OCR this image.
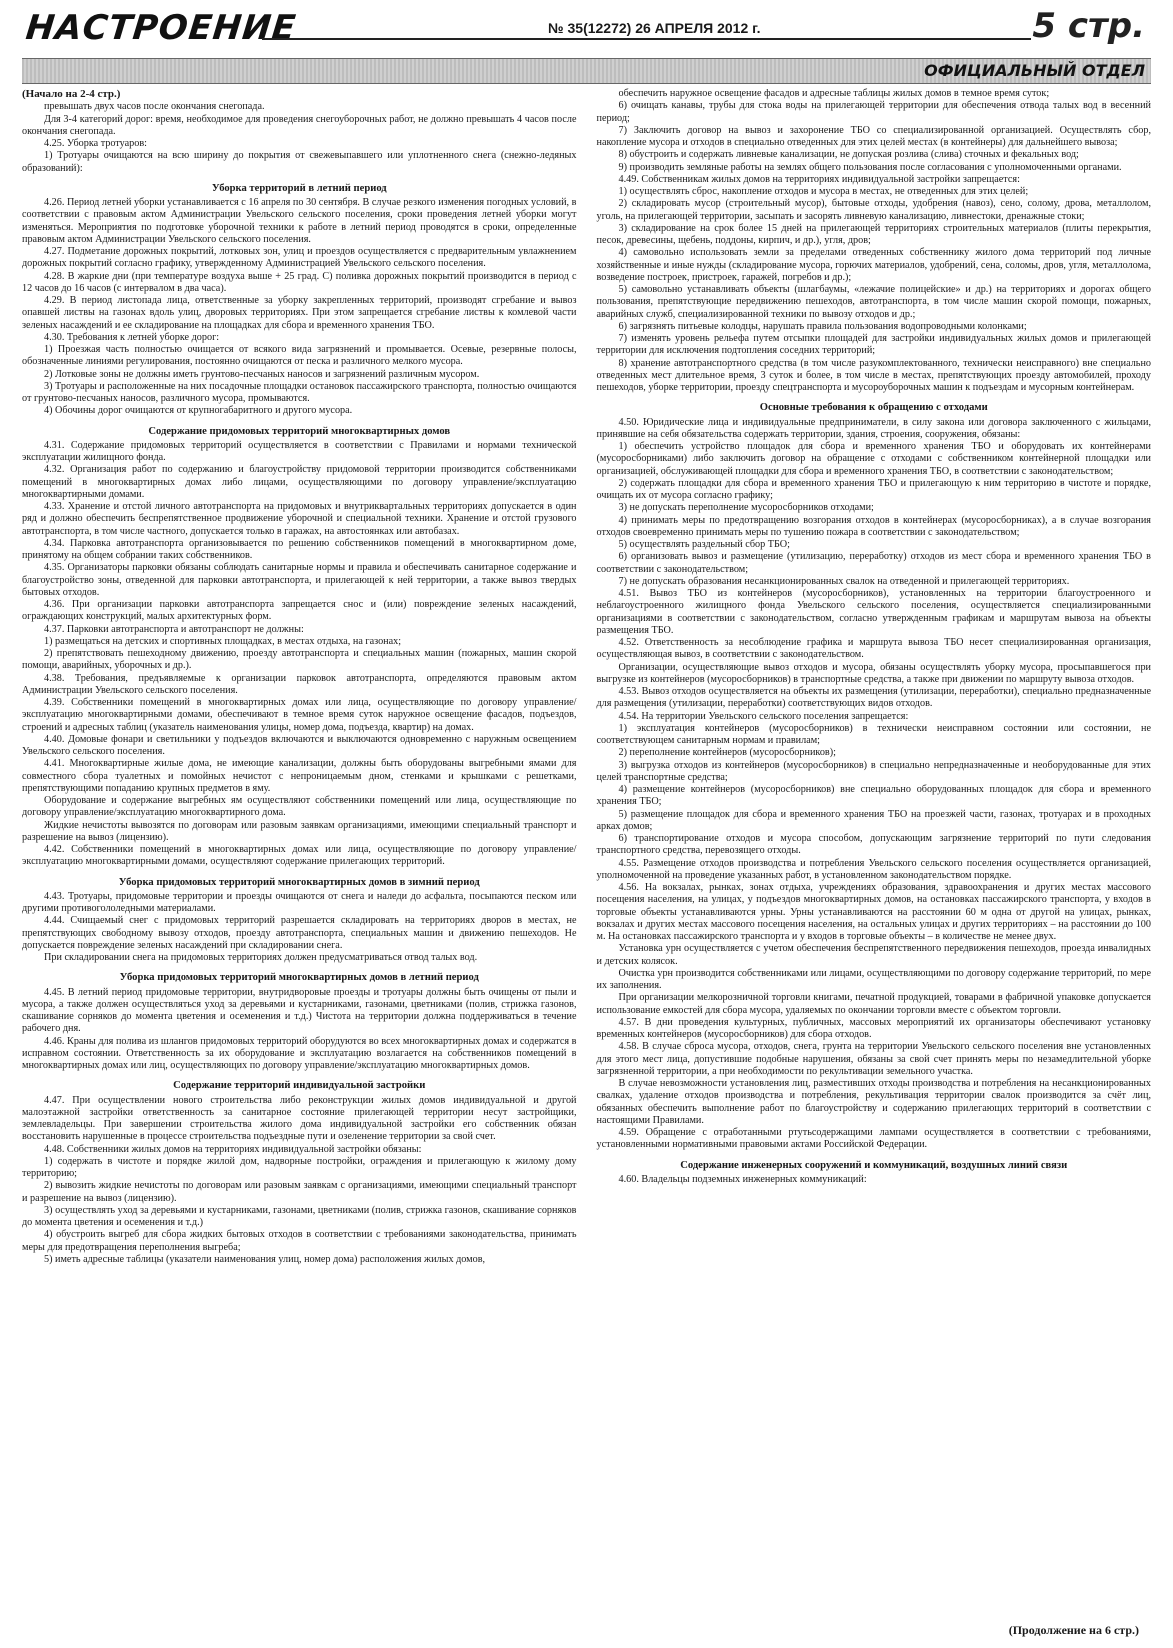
НАСТРОЕНИЕ	№ 35(12272) 26 АПРЕЛЯ 2012 г.	5 стр.
ОФИЦИАЛЬНЫЙ ОТДЕЛ

(Начало на 2-4 стр.)

превышать двух часов после окончания снегопада.

Для 3-4 категорий дорог: время, необходимое для проведения снегоуборочных работ, не должно превышать 4 часов после окончания снегопада.

4.25. Уборка тротуаров:

1) Тротуары очищаются на всю ширину до покрытия от свежевыпавшего или уплотненного снега (снежно-ледяных образований):

Уборка территорий в летний период

4.26. Период летней уборки устанавливается с 16 апреля по 30 сентября. В случае резкого изменения погодных условий, в соответствии с правовым актом Администрации Увельского сельского поселения, сроки проведения летней уборки могут изменяться. Мероприятия по подготовке уборочной техники к работе в летний период проводятся в сроки, определенные правовым актом Администрации Увельского сельского поселения.

4.27. Подметание дорожных покрытий, лотковых зон, улиц и проездов осуществляется с предварительным увлажнением дорожных покрытий согласно графику, утвержденному Администрацией Увельского сельского поселения.

4.28. В жаркие дни (при температуре воздуха выше + 25 град. С) поливка дорожных покрытий производится в период с 12 часов до 16 часов (с интервалом в два часа).

4.29. В период листопада лица, ответственные за уборку закрепленных территорий, производят сгребание и вывоз опавшей листвы на газонах вдоль улиц, дворовых территориях. При этом запрещается сгребание листвы к комлевой части зеленых насаждений и ее складирование на площадках для сбора и временного хранения ТБО.

4.30. Требования к летней уборке дорог:

1) Проезжая часть полностью очищается от всякого вида загрязнений и промывается. Осевые, резервные полосы, обозначенные линиями регулирования, постоянно очищаются от песка и различного мелкого мусора.

2) Лотковые зоны не должны иметь грунтово-песчаных наносов и загрязнений различным мусором.

3) Тротуары и расположенные на них посадочные площадки остановок пассажирского транспорта, полностью очищаются от грунтово-песчаных наносов, различного мусора, промываются.

4) Обочины дорог очищаются от крупногабаритного и другого мусора.

Содержание придомовых территорий многоквартирных домов

4.31. Содержание придомовых территорий осуществляется в соответствии с Правилами и нормами технической эксплуатации жилищного фонда.

4.32. Организация работ по содержанию и благоустройству придомовой территории производится собственниками помещений в многоквартирных домах либо лицами, осуществляющими по договору управление/эксплуатацию многоквартирными домами.

4.33. Хранение и отстой личного автотранспорта на придомовых и внутриквартальных территориях допускается в один ряд и должно обеспечить беспрепятственное продвижение уборочной и специальной техники. Хранение и отстой грузового автотранспорта, в том числе частного, допускается только в гаражах, на автостоянках или автобазах.

4.34. Парковка автотранспорта организовывается по решению собственников помещений в многоквартирном доме, принятому на общем собрании таких собственников.

4.35. Организаторы парковки обязаны соблюдать санитарные нормы и правила и обеспечивать санитарное содержание и благоустройство зоны, отведенной для парковки автотранспорта, и прилегающей к ней территории, а также вывоз твердых бытовых отходов.

4.36. При организации парковки автотранспорта запрещается снос и (или) повреждение зеленых насаждений, ограждающих конструкций, малых архитектурных форм.

4.37. Парковки автотранспорта и автотранспорт не должны:

1) размещаться на детских и спортивных площадках, в местах отдыха, на газонах;

2) препятствовать пешеходному движению, проезду автотранспорта и специальных машин (пожарных, машин скорой помощи, аварийных, уборочных и др.).

4.38. Требования, предъявляемые к организации парковок автотранспорта, определяются правовым актом Администрации Увельского сельского поселения.

4.39. Собственники помещений в многоквартирных домах или лица, осуществляющие по договору управление/эксплуатацию многоквартирными домами, обеспечивают в темное время суток наружное освещение фасадов, подъездов, строений и адресных таблиц (указатель наименования улицы, номер дома, подъезда, квартир) на домах.

4.40. Домовые фонари и светильники у подъездов включаются и выключаются одновременно с наружным освещением Увельского сельского поселения.

4.41. Многоквартирные жилые дома, не имеющие канализации, должны быть оборудованы выгребными ямами для совместного сбора туалетных и помойных нечистот с непроницаемым дном, стенками и крышками с решетками, препятствующими попаданию крупных предметов в яму.

Оборудование и содержание выгребных ям осуществляют собственники помещений или лица, осуществляющие по договору управление/эксплуатацию многоквартирного дома.

Жидкие нечистоты вывозятся по договорам или разовым заявкам организациями, имеющими специальный транспорт и разрешение на вывоз (лицензию).

4.42. Собственники помещений в многоквартирных домах или лица, осуществляющие по договору управление/эксплуатацию многоквартирными домами, осуществляют содержание прилегающих территорий.

Уборка придомовых территорий многоквартирных домов в зимний период

4.43. Тротуары, придомовые территории и проезды очищаются от снега и наледи до асфальта, посыпаются песком или другими противогололедными материалами.

4.44. Счищаемый снег с придомовых территорий разрешается складировать на территориях дворов в местах, не препятствующих свободному вывозу отходов, проезду автотранспорта, специальных машин и движению пешеходов. Не допускается повреждение зеленых насаждений при складировании снега.

При складировании снега на придомовых территориях должен предусматриваться отвод талых вод.

Уборка придомовых территорий многоквартирных домов в летний период

4.45. В летний период придомовые территории, внутридворовые проезды и тротуары должны быть очищены от пыли и мусора, а также должен осуществляться уход за деревьями и кустарниками, газонами, цветниками (полив, стрижка газонов, скашивание сорняков до момента цветения и осеменения и т.д.) Чистота на территории должна поддерживаться в течение рабочего дня.

4.46. Краны для полива из шлангов придомовых территорий оборудуются во всех многоквартирных домах и содержатся в исправном состоянии. Ответственность за их оборудование и эксплуатацию возлагается на собственников помещений в многоквартирных домах или лиц, осуществляющих по договору управление/эксплуатацию многоквартирных домов.

Содержание территорий индивидуальной застройки

4.47. При осуществлении нового строительства либо реконструкции жилых домов индивидуальной и другой малоэтажной застройки ответственность за санитарное состояние прилегающей территории несут застройщики, землевладельцы. При завершении строительства жилого дома индивидуальной застройки его собственник обязан восстановить нарушенные в процессе строительства подъездные пути и озеленение территории за свой счет.

4.48. Собственники жилых домов на территориях индивидуальной застройки обязаны:

1) содержать в чистоте и порядке жилой дом, надворные постройки, ограждения и прилегающую к жилому дому территорию;

2) вывозить жидкие нечистоты по договорам или разовым заявкам с организациями, имеющими специальный транспорт и разрешение на вывоз (лицензию).

3) осуществлять уход за деревьями и кустарниками, газонами, цветниками (полив, стрижка газонов, скашивание сорняков до момента цветения и осеменения и т.д.)

4) обустроить выгреб для сбора жидких бытовых отходов в соответствии с требованиями законодательства, принимать меры для предотвращения переполнения выгреба;

5) иметь адресные таблицы (указатели наименования улиц, номер дома) расположения жилых домов,

обеспечить наружное освещение фасадов и адресные таблицы жилых домов в темное время суток;

6) очищать канавы, трубы для стока воды на прилегающей территории для обеспечения отвода талых вод в весенний период;

7) Заключить договор на вывоз и захоронение ТБО со специализированной организацией. Осуществлять сбор, накопление мусора и отходов в специально отведенных для этих целей местах (в контейнеры) для дальнейшего вывоза;

8) обустроить и содержать ливневые канализации, не допуская розлива (слива) сточных и фекальных вод;

9) производить земляные работы на землях общего пользования после согласования с уполномоченными органами.

4.49. Собственникам жилых домов на территориях индивидуальной застройки запрещается:

1) осуществлять сброс, накопление отходов и мусора в местах, не отведенных для этих целей;

2) складировать мусор (строительный мусор), бытовые отходы, удобрения (навоз), сено, солому, дрова, металлолом, уголь, на прилегающей территории, засыпать и засорять ливневую канализацию, ливнестоки, дренажные стоки;

3) складирование на срок более 15 дней на прилегающей территориях строительных материалов (плиты перекрытия, песок, древесины, щебень, поддоны, кирпич, и др.), угля, дров;

4) самовольно использовать земли за пределами отведенных собственнику жилого дома территорий под личные хозяйственные и иные нужды (складирование мусора, горючих материалов, удобрений, сена, соломы, дров, угля, металлолома, возведение построек, пристроек, гаражей, погребов и др.);

5) самовольно устанавливать объекты (шлагбаумы, «лежачие полицейские» и др.) на территориях и дорогах общего пользования, препятствующие передвижению пешеходов, автотранспорта, в том числе машин скорой помощи, пожарных, аварийных служб, специализированной техники по вывозу отходов и др.;

6) загрязнять питьевые колодцы, нарушать правила пользования водопроводными колонками;

7) изменять уровень рельефа путем отсыпки площадей для застройки индивидуальных жилых домов и прилегающей территории для исключения подтопления соседних территорий;

8) хранение автотранспортного средства (в том числе разукомплектованного, технически неисправного) вне специально отведенных мест длительное время, 3 суток и более, в том числе в местах, препятствующих проезду автомобилей, проходу пешеходов, уборке территории, проезду спецтранспорта и мусороуборочных машин к подъездам и мусорным контейнерам.

Основные требования к обращению с отходами

4.50. Юридические лица и индивидуальные предприниматели, в силу закона или договора заключенного с жильцами, принявшие на себя обязательства содержать территории, здания, строения, сооружения, обязаны:

1) обеспечить устройство площадок для сбора и временного хранения ТБО и оборудовать их контейнерами (мусоросборниками) либо заключить договор на обращение с отходами с собственником контейнерной площадки или организацией, обслуживающей площадки для сбора и временного хранения ТБО, в соответствии с законодательством;

2) содержать площадки для сбора и временного хранения ТБО и прилегающую к ним территорию в чистоте и порядке, очищать их от мусора согласно графику;

3) не допускать переполнение мусоросборников отходами;

4) принимать меры по предотвращению возгорания отходов в контейнерах (мусоросборниках), а в случае возгорания отходов своевременно принимать меры по тушению пожара в соответствии с законодательством;

5) осуществлять раздельный сбор ТБО;

6) организовать вывоз и размещение (утилизацию, переработку) отходов из мест сбора и временного хранения ТБО в соответствии с законодательством;

7) не допускать образования несанкционированных свалок на отведенной и прилегающей территориях.

4.51. Вывоз ТБО из контейнеров (мусоросборников), установленных на территории благоустроенного и неблагоустроенного жилищного фонда Увельского сельского поселения, осуществляется специализированными организациями в соответствии с законодательством, согласно утвержденным графикам и маршрутам вывоза на объекты размещения ТБО.

4.52. Ответственность за несоблюдение графика и маршрута вывоза ТБО несет специализированная организация, осуществляющая вывоз, в соответствии с законодательством.

Организации, осуществляющие вывоз отходов и мусора, обязаны осуществлять уборку мусора, просыпавшегося при выгрузке из контейнеров (мусоросборников) в транспортные средства, а также при движении по маршруту вывоза отходов.

4.53. Вывоз отходов осуществляется на объекты их размещения (утилизации, переработки), специально предназначенные для размещения (утилизации, переработки) соответствующих видов отходов.

4.54. На территории Увельского сельского поселения запрещается:

1) эксплуатация контейнеров (мусоросборников) в технически неисправном состоянии или состоянии, не соответствующем санитарным нормам и правилам;

2) переполнение контейнеров (мусоросборников);

3) выгрузка отходов из контейнеров (мусоросборников) в специально непредназначенные и необорудованные для этих целей транспортные средства;

4) размещение контейнеров (мусоросборников) вне специально оборудованных площадок для сбора и временного хранения ТБО;

5) размещение площадок для сбора и временного хранения ТБО на проезжей части, газонах, тротуарах и в проходных арках домов;

6) транспортирование отходов и мусора способом, допускающим загрязнение территорий по пути следования транспортного средства, перевозящего отходы.

4.55. Размещение отходов производства и потребления Увельского сельского поселения осуществляется организацией, уполномоченной на проведение указанных работ, в установленном законодательством порядке.

4.56. На вокзалах, рынках, зонах отдыха, учреждениях образования, здравоохранения и других местах массового посещения населения, на улицах, у подъездов многоквартирных домов, на остановках пассажирского транспорта, у входов в торговые объекты устанавливаются урны. Урны устанавливаются на расстоянии 60 м одна от другой на улицах, рынках, вокзалах и других местах массового посещения населения, на остальных улицах и других территориях – на расстоянии до 100 м. На остановках пассажирского транспорта и у входов в торговые объекты – в количестве не менее двух.

Установка урн осуществляется с учетом обеспечения беспрепятственного передвижения пешеходов, проезда инвалидных и детских колясок.

Очистка урн производится собственниками или лицами, осуществляющими по договору содержание территорий, по мере их заполнения.

При организации мелкорозничной торговли книгами, печатной продукцией, товарами в фабричной упаковке допускается использование емкостей для сбора мусора, удаляемых по окончании торговли вместе с объектом торговли.

4.57. В дни проведения культурных, публичных, массовых мероприятий их организаторы обеспечивают установку временных контейнеров (мусоросборников) для сбора отходов.

4.58. В случае сброса мусора, отходов, снега, грунта на территории Увельского сельского поселения вне установленных для этого мест лица, допустившие подобные нарушения, обязаны за свой счет принять меры по незамедлительной уборке загрязненной территории, а при необходимости по рекультивации земельного участка.

В случае невозможности установления лиц, разместивших отходы производства и потребления на несанкционированных свалках, удаление отходов производства и потребления, рекультивация территории свалок производится за счёт лиц, обязанных обеспечить выполнение работ по благоустройству и содержанию прилегающих территорий в соответствии с настоящими Правилами.

4.59. Обращение с отработанными ртутьсодержащими лампами осуществляется в соответствии с требованиями, установленными нормативными правовыми актами Российской Федерации.

Содержание инженерных сооружений и коммуникаций, воздушных линий связи

4.60. Владельцы подземных инженерных коммуникаций:

(Продолжение на 6 стр.)
